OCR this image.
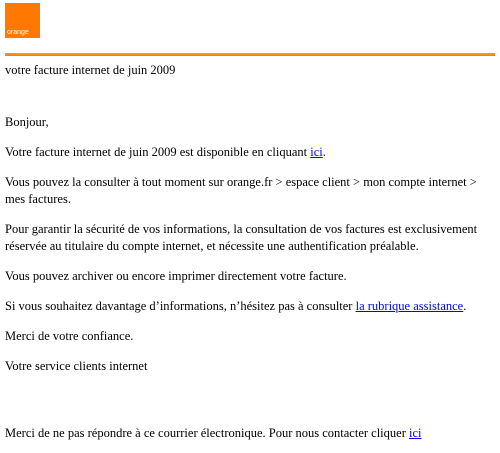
orange

votre facture internet de juin 2009

Bonjour,

Votre facture internet de juin 2009 est disponible en cliquant ici.

Vous pouvez la consulter à tout moment sur orange.fr > espace client > mon compte internet > mes factures.

Pour garantir la sécurité de vos informations, la consultation de vos factures est exclusivement réservée au titulaire du compte internet, et nécessite une authentification préalable.

Vous pouvez archiver ou encore imprimer directement votre facture.

Si vous souhaitez davantage d’informations, n’hésitez pas à consulter la rubrique assistance.

Merci de votre confiance.

Votre service clients internet

Merci de ne pas répondre à ce courrier électronique. Pour nous contacter cliquer ici
